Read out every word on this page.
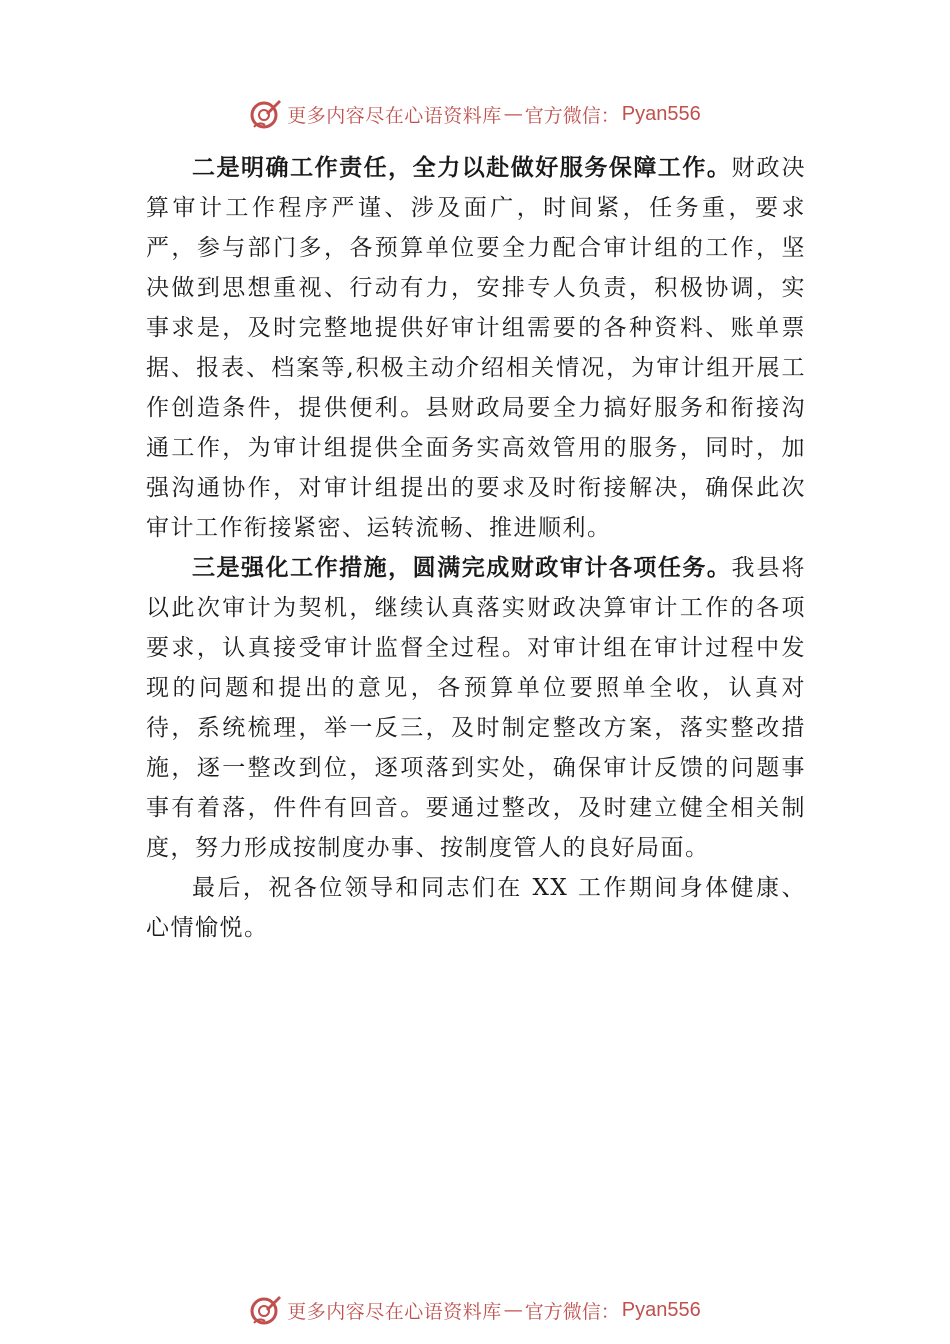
更多内容尽在心语资料库 — 官方微信： Pyan556

二是明确工作责任，全力以赴做好服务保障工作。财政决算审计工作程序严谨、涉及面广，时间紧，任务重，要求严，参与部门多，各预算单位要全力配合审计组的工作，坚决做到思想重视、行动有力，安排专人负责，积极协调，实事求是，及时完整地提供好审计组需要的各种资料、账单票据、报表、档案等,积极主动介绍相关情况，为审计组开展工作创造条件，提供便利。县财政局要全力搞好服务和衔接沟通工作，为审计组提供全面务实高效管用的服务，同时，加 强沟通协作，对审计组提出的要求及时衔接解决，确保此次审计工作衔接紧密、运转流畅、推进顺利。

三是强化工作措施，圆满完成财政审计各项任务。我县将以此次审计为契机，继续认真落实财政决算审计工作的各项要求，认真接受审计监督全过程。对审计组在审计过程中发现的问题和提出的意见，各预算单位要照单全收，认真对待，系统梳理，举一反三，及时制定整改方案，落实整改措施，逐一整改到位，逐项落到实处，确保审计反馈的问题事事有着落，件件有回音。要通过整改，及时建立健全相关制度，努力形成按制度办事、按制度管人的良好局面。

最后，祝各位领导和同志们在 XX 工作期间身体健康、心情愉悦。

更多内容尽在心语资料库 — 官方微信： Pyan556
